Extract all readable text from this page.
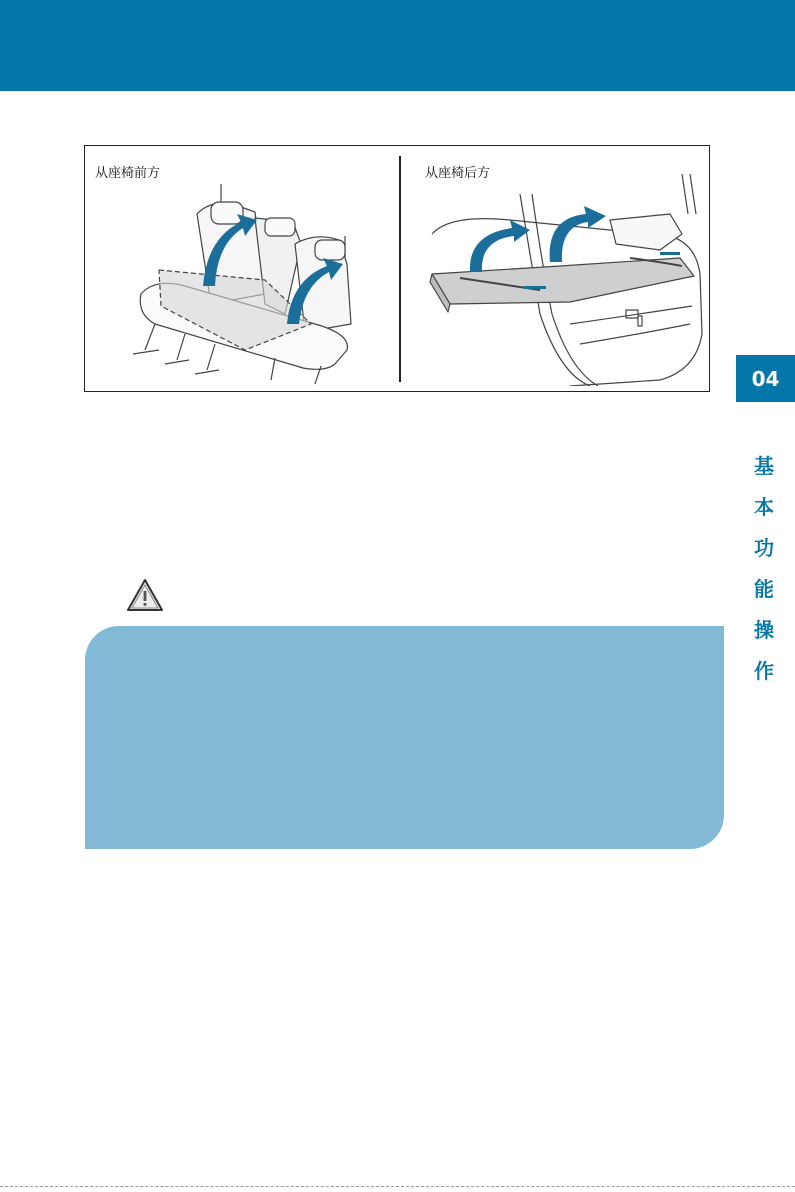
从座椅前方	从座椅后方
04
基
本
功
能
操
作
